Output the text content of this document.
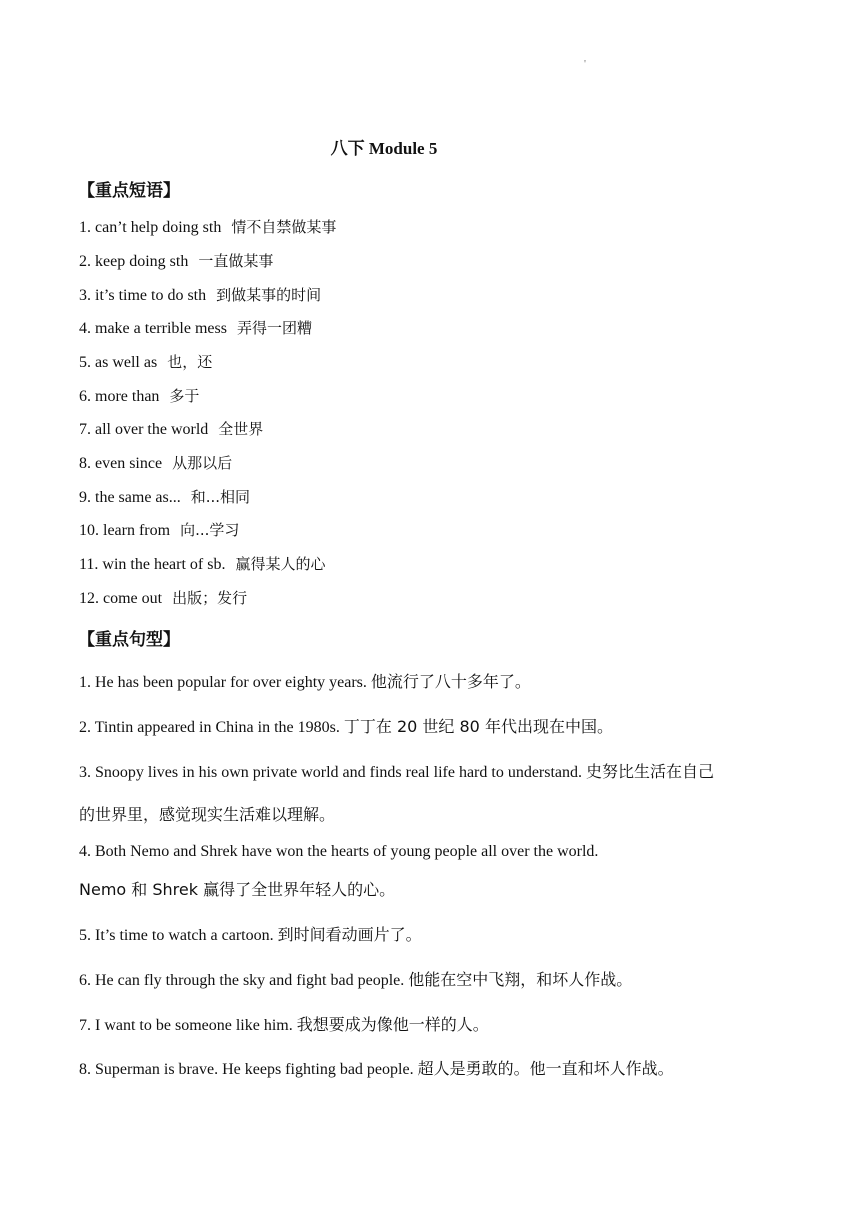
'
八下 Module 5
【重点短语】
1. can’t help doing sth 情不自禁做某事
2. keep doing sth 一直做某事
3. it’s time to do sth 到做某事的时间
4. make a terrible mess 弄得一团糟
5. as well as 也，还
6. more than 多于
7. all over the world 全世界
8. even since 从那以后
9. the same as... 和...相同
10. learn from 向...学习
11. win the heart of sb. 赢得某人的心
12. come out 出版；发行
【重点句型】
1. He has been popular for over eighty years. 他流行了八十多年了。
2. Tintin appeared in China in the 1980s. 丁丁在 20 世纪 80 年代出现在中国。
3. Snoopy lives in his own private world and finds real life hard to understand. 史努比生活在自己
的世界里，感觉现实生活难以理解。
4. Both Nemo and Shrek have won the hearts of young people all over the world.
Nemo 和 Shrek 赢得了全世界年轻人的心。
5. It’s time to watch a cartoon. 到时间看动画片了。
6. He can fly through the sky and fight bad people. 他能在空中飞翔，和坏人作战。
7. I want to be someone like him. 我想要成为像他一样的人。
8. Superman is brave. He keeps fighting bad people. 超人是勇敢的。他一直和坏人作战。
